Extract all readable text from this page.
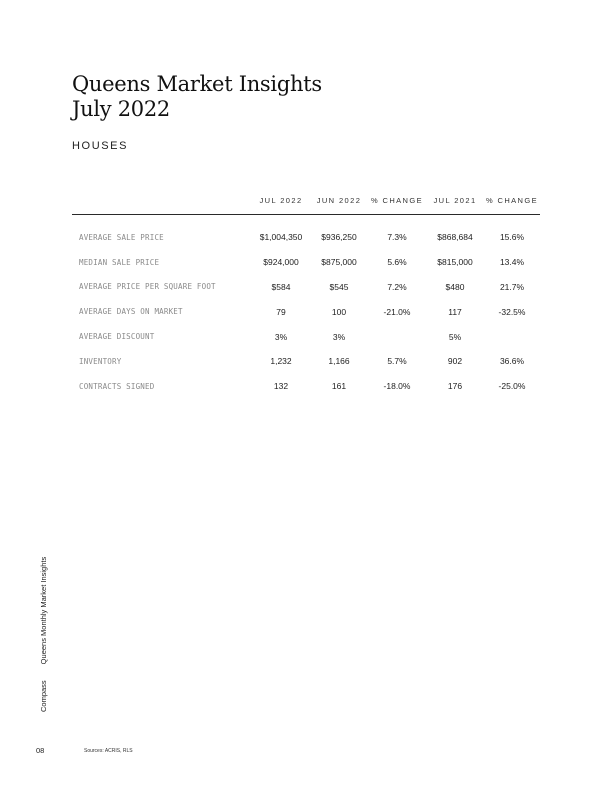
Queens Market Insights
July 2022
HOUSES
	JUL 2022	JUN 2022	% CHANGE	JUL 2021	% CHANGE
AVERAGE SALE PRICE	$1,004,350	$936,250	7.3%	$868,684	15.6%
MEDIAN SALE PRICE	$924,000	$875,000	5.6%	$815,000	13.4%
AVERAGE PRICE PER SQUARE FOOT	$584	$545	7.2%	$480	21.7%
AVERAGE DAYS ON MARKET	79	100	-21.0%	117	-32.5%
AVERAGE DISCOUNT	3%	3%		5%	
INVENTORY	1,232	1,166	5.7%	902	36.6%
CONTRACTS SIGNED	132	161	-18.0%	176	-25.0%
CompassQueens Monthly Market Insights
08	Sources: ACRIS, RLS
